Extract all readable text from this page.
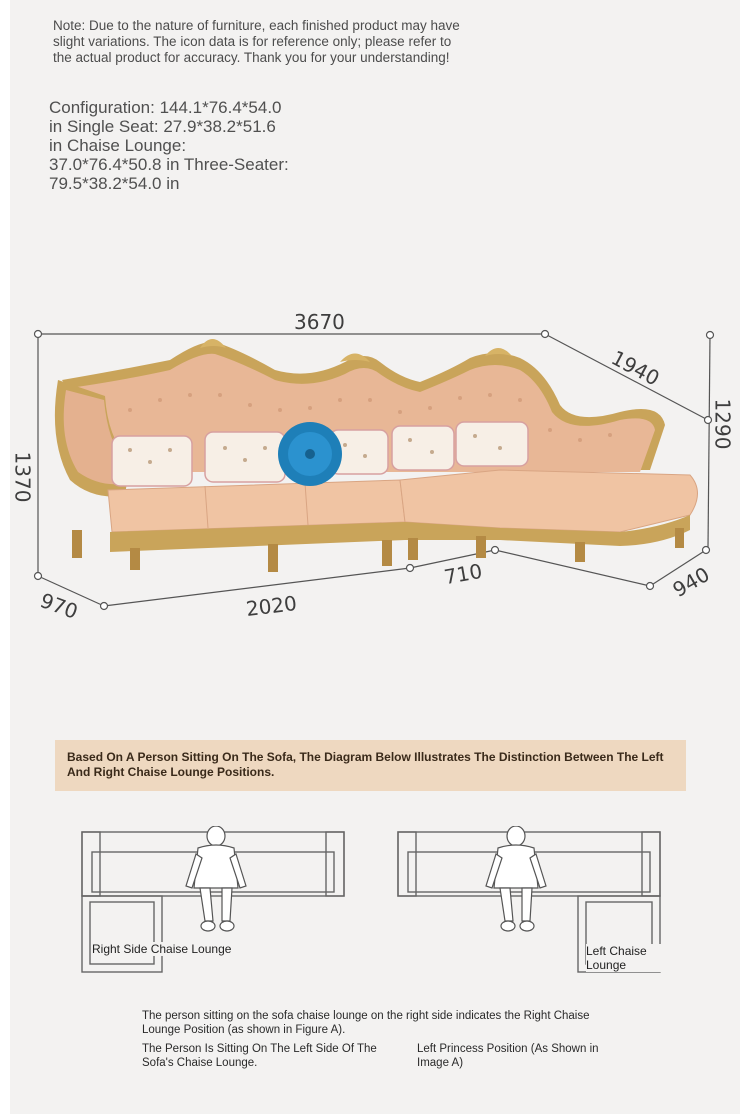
Note: Due to the nature of furniture, each finished product may have
slight variations. The icon data is for reference only; please refer to
the actual product for accuracy. Thank you for your understanding!
Configuration: 144.1*76.4*54.0
in Single Seat: 27.9*38.2*51.6
in Chaise Lounge:
37.0*76.4*50.8 in Three-Seater:
79.5*38.2*54.0 in
3670
1940
1290
1370
970	2020
710	940
Based On A Person Sitting On The Sofa, The Diagram Below Illustrates The Distinction Between The Left And Right Chaise Lounge Positions.
Right Side Chaise Lounge	Left Chaise Lounge
The person sitting on the sofa chaise lounge on the right side indicates the Right Chaise Lounge Position (as shown in Figure A).
The Person Is Sitting On The Left Side Of The Sofa's Chaise Lounge.
Left Princess Position (As Shown in Image A)
